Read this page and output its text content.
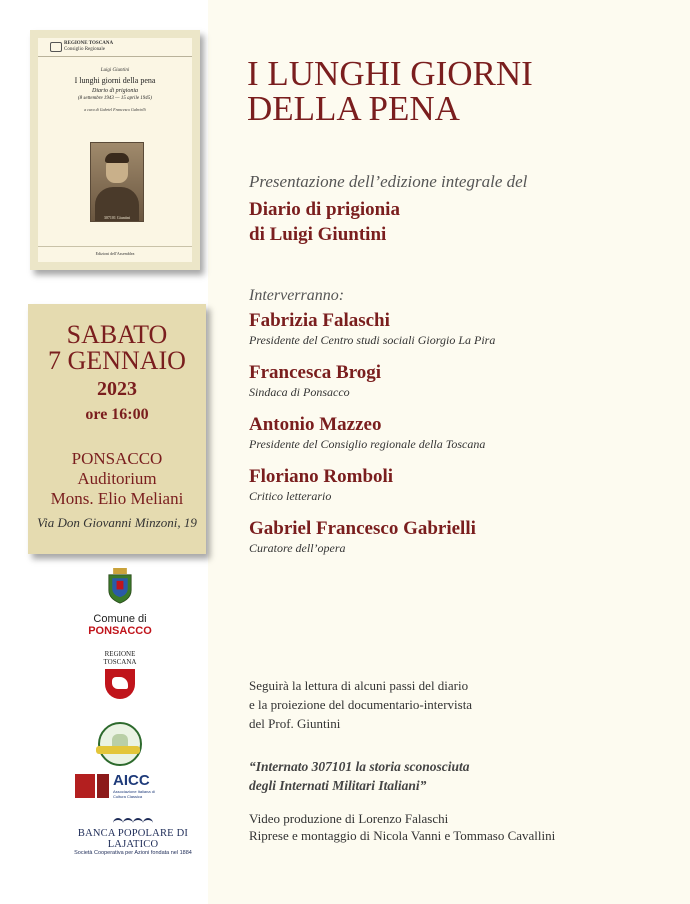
REGIONE TOSCANA
Consiglio Regionale
Luigi Giuntini
I lunghi giorni della pena
Diario di prigionia
(8 settembre 1943 — 15 aprile 1945)
a cura di Gabriel Francesco Gabrielli
307101 Giuntini
Edizioni dell'Assemblea
SABATO
7 GENNAIO
2023
ore 16:00
PONSACCO
Auditorium
Mons. Elio Meliani
Via Don Giovanni Minzoni, 19
Comune di
PONSACCO
REGIONE
TOSCANA
AICC
Associazione Italiana di Cultura Classica
BANCA POPOLARE DI LAJATICO
Società Cooperativa per Azioni fondata nel 1884
I LUNGHI GIORNI
DELLA PENA
Presentazione dell’edizione integrale del
Diario di prigionia
di Luigi Giuntini
Interverranno:
Fabrizia Falaschi
Presidente del Centro studi sociali Giorgio La Pira
Francesca Brogi
Sindaca di Ponsacco
Antonio Mazzeo
Presidente del Consiglio regionale della Toscana
Floriano Romboli
Critico letterario
Gabriel Francesco Gabrielli
Curatore dell’opera
Seguirà la lettura di alcuni passi del diario
e la proiezione del documentario-intervista
del Prof. Giuntini
“Internato 307101 la storia sconosciuta
degli Internati Militari Italiani”
Video produzione di Lorenzo Falaschi
Riprese e montaggio di Nicola Vanni e Tommaso Cavallini
